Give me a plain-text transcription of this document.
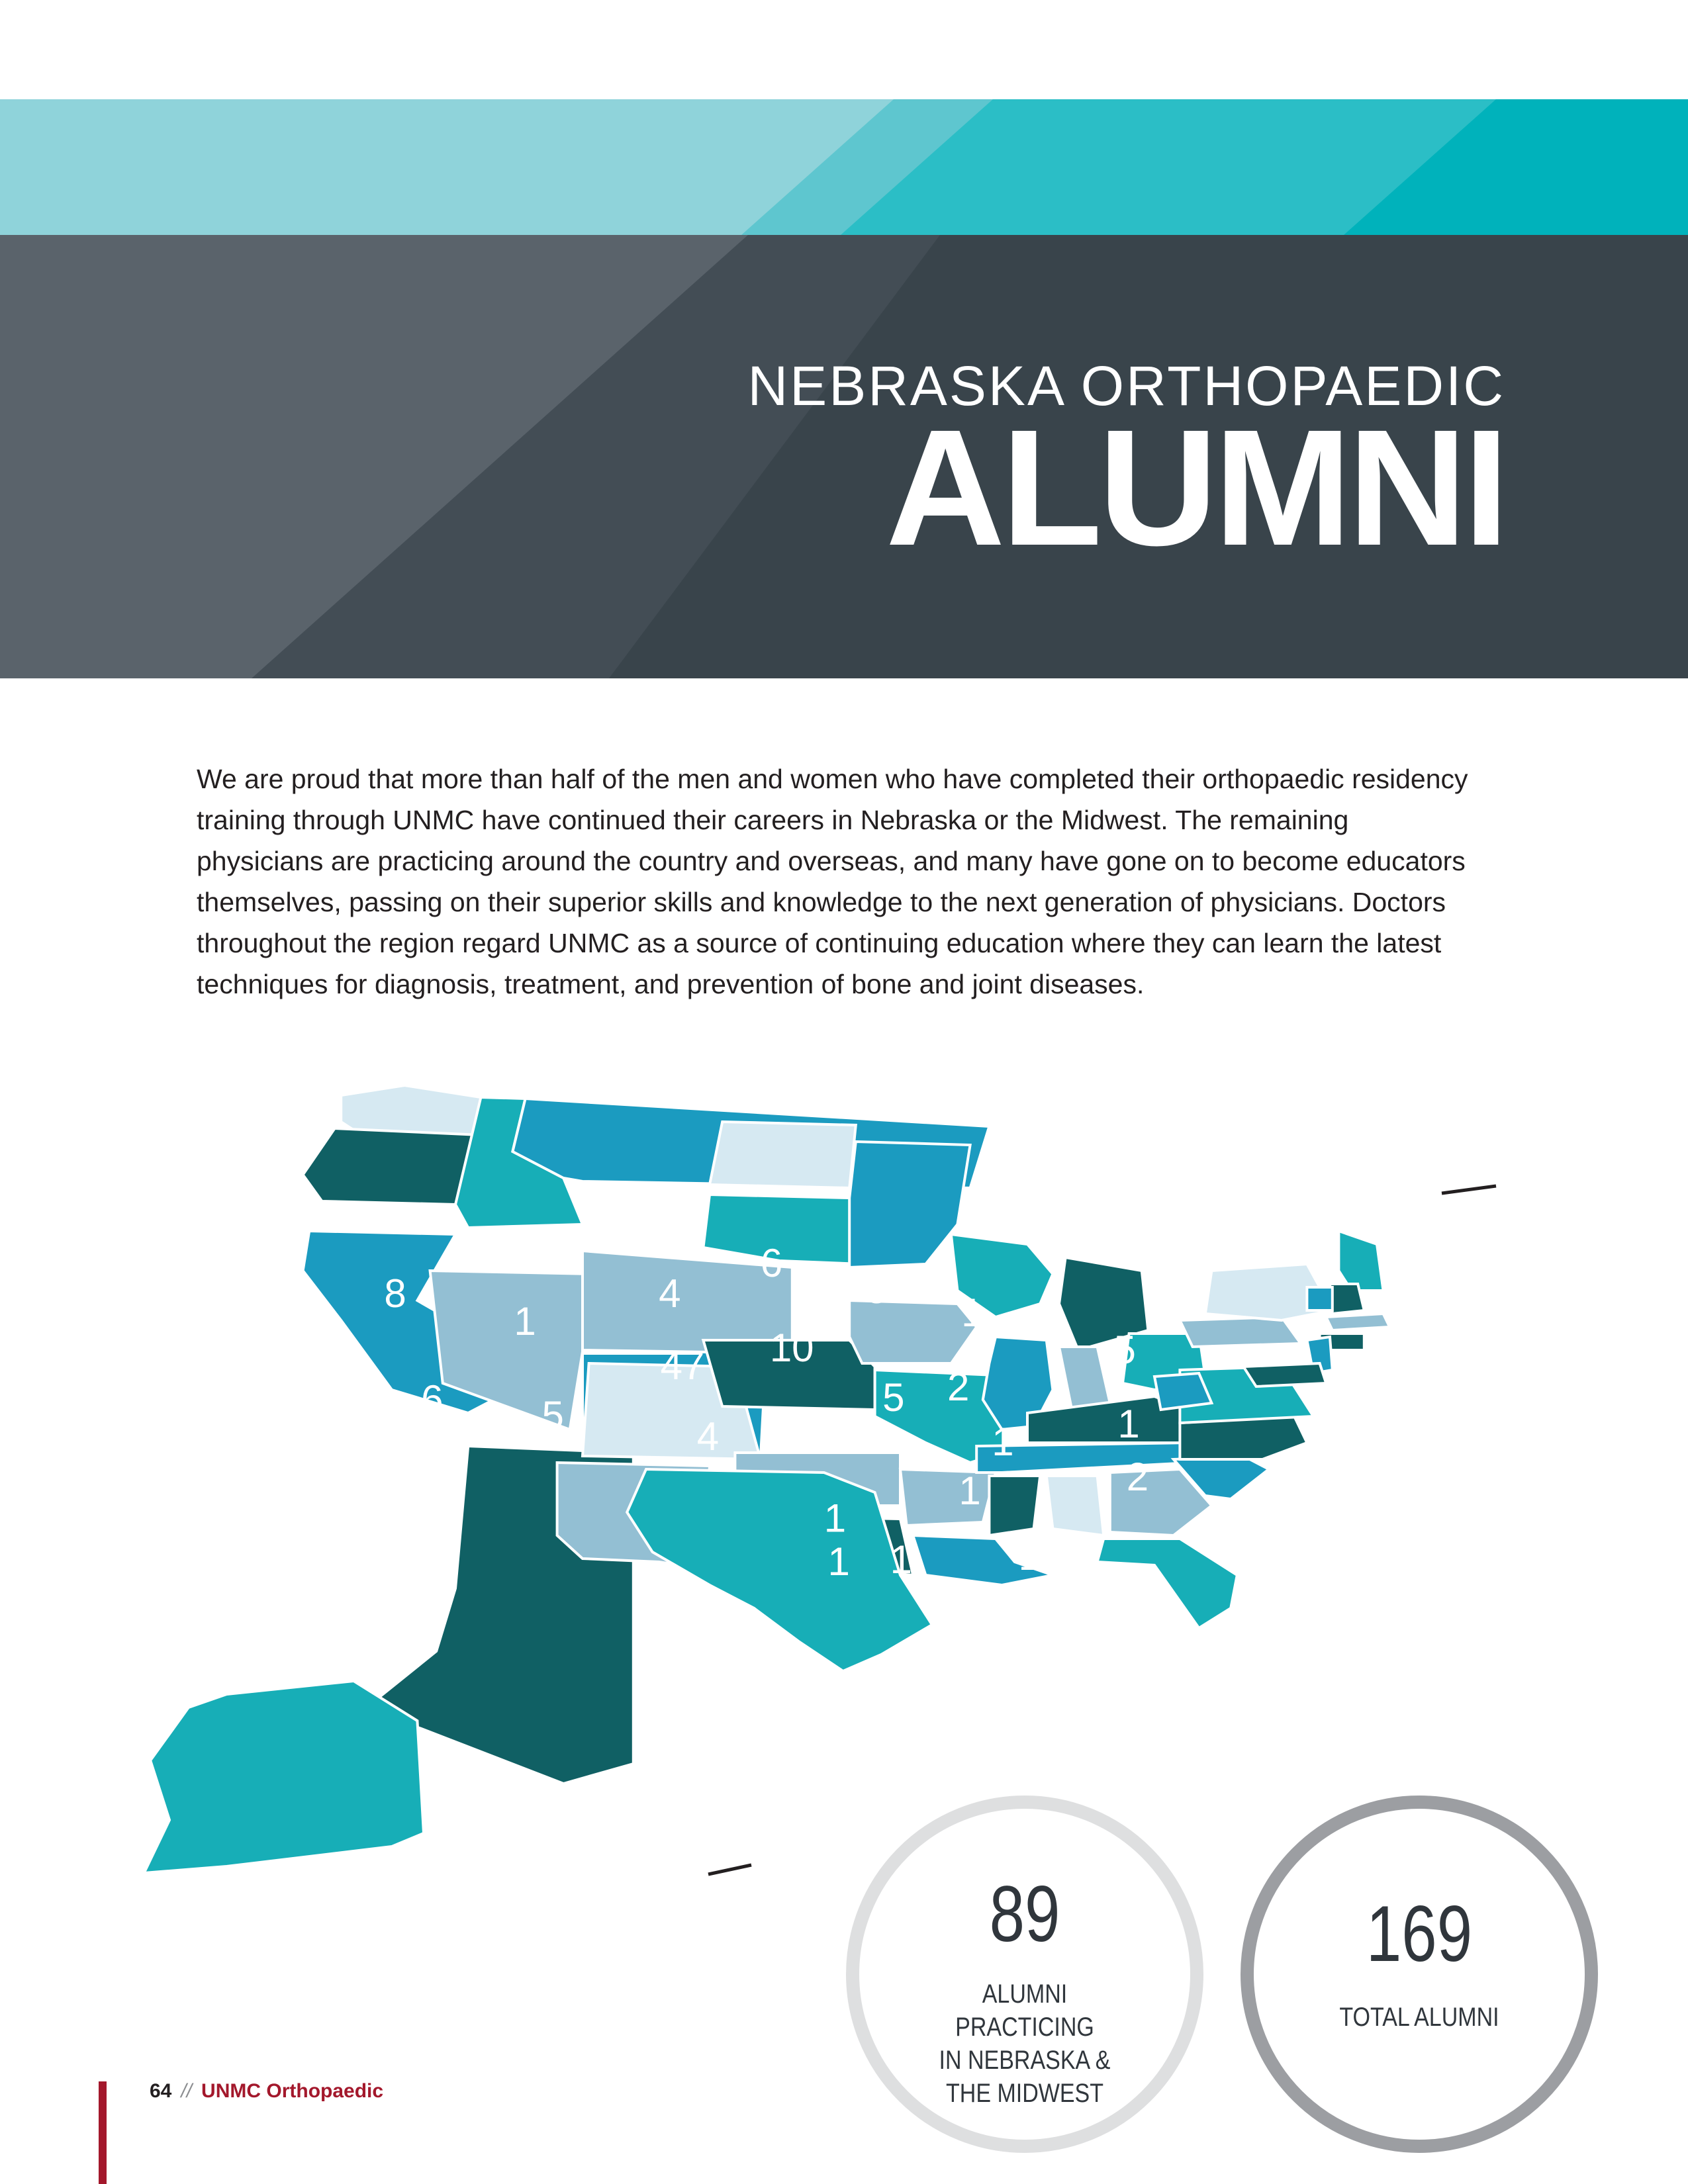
NEBRASKA ORTHOPAEDIC
ALUMNI

We are proud that more than half of the men and women who have completed their orthopaedic residency training through UNMC have continued their careers in Nebraska or the Midwest. The remaining physicians are practicing around the country and overseas, and many have gone on to become educators themselves, passing on their superior skills and knowledge to the next generation of physicians. Doctors throughout the region regard UNMC as a source of continuing education where they can learn the latest techniques for diagnosis, treatment, and prevention of bone and joint diseases.

4
4
8
8
2
6
6
1
5
1
4
47
4
6
6
10
5
1
1
5
5
1
2
1
1
1	1
5
2
1
5
1 1
1
1
89
ALUMNI PRACTICING
IN NEBRASKA &
THE MIDWEST
169
TOTAL ALUMNI
64 // UNMC Orthopaedic
